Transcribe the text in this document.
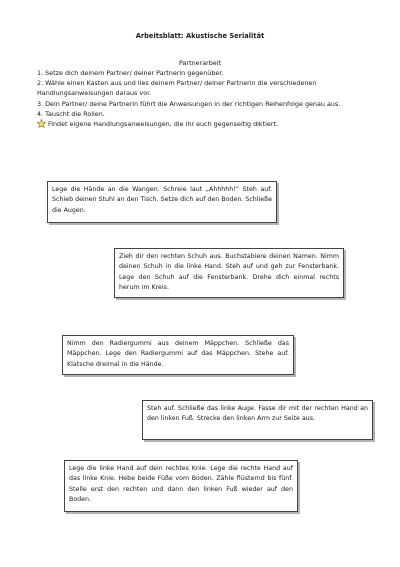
Arbeitsblatt: Akustische Serialität
Partnerarbeit
1. Setze dich deinem Partner/ deiner Partnerin gegenüber.
2. Wähle einen Kasten aus und lies deinem Partner/ deiner Partnerin die verschiedenen Handlungsanweisungen daraus vor.
3. Dein Partner/ deine Partnerin führt die Anweisungen in der richtigen Reihenfolge genau aus.
4. Tauscht die Rollen.
Findet eigene Handlungsanweisungen, die ihr euch gegenseitig diktiert.
Lege die Hände an die Wangen. Schreie laut „Ahhhhh!“ Steh auf. Schieb deinen Stuhl an den Tisch. Setze dich auf den Boden. Schließe die Augen.
Zieh dir den rechten Schuh aus. Buchstabiere deinen Namen. Nimm deinen Schuh in die linke Hand. Steh auf und geh zur Fensterbank. Lege den Schuh auf die Fensterbank. Drehe dich einmal rechts herum im Kreis.
Nimm den Radiergummi aus deinem Mäppchen. Schließe das Mäppchen. Lege den Radiergummi auf das Mäppchen. Stehe auf. Klatsche dreimal in die Hände.
Steh auf. Schließe das linke Auge. Fasse dir mit der rechten Hand an den linken Fuß. Strecke den linken Arm zur Seite aus.
Lege die linke Hand auf dein rechtes Knie. Lege die rechte Hand auf das linke Knie. Hebe beide Füße vom Boden. Zähle flüsternd bis fünf. Stelle erst den rechten und dann den linken Fuß wieder auf den Boden.
